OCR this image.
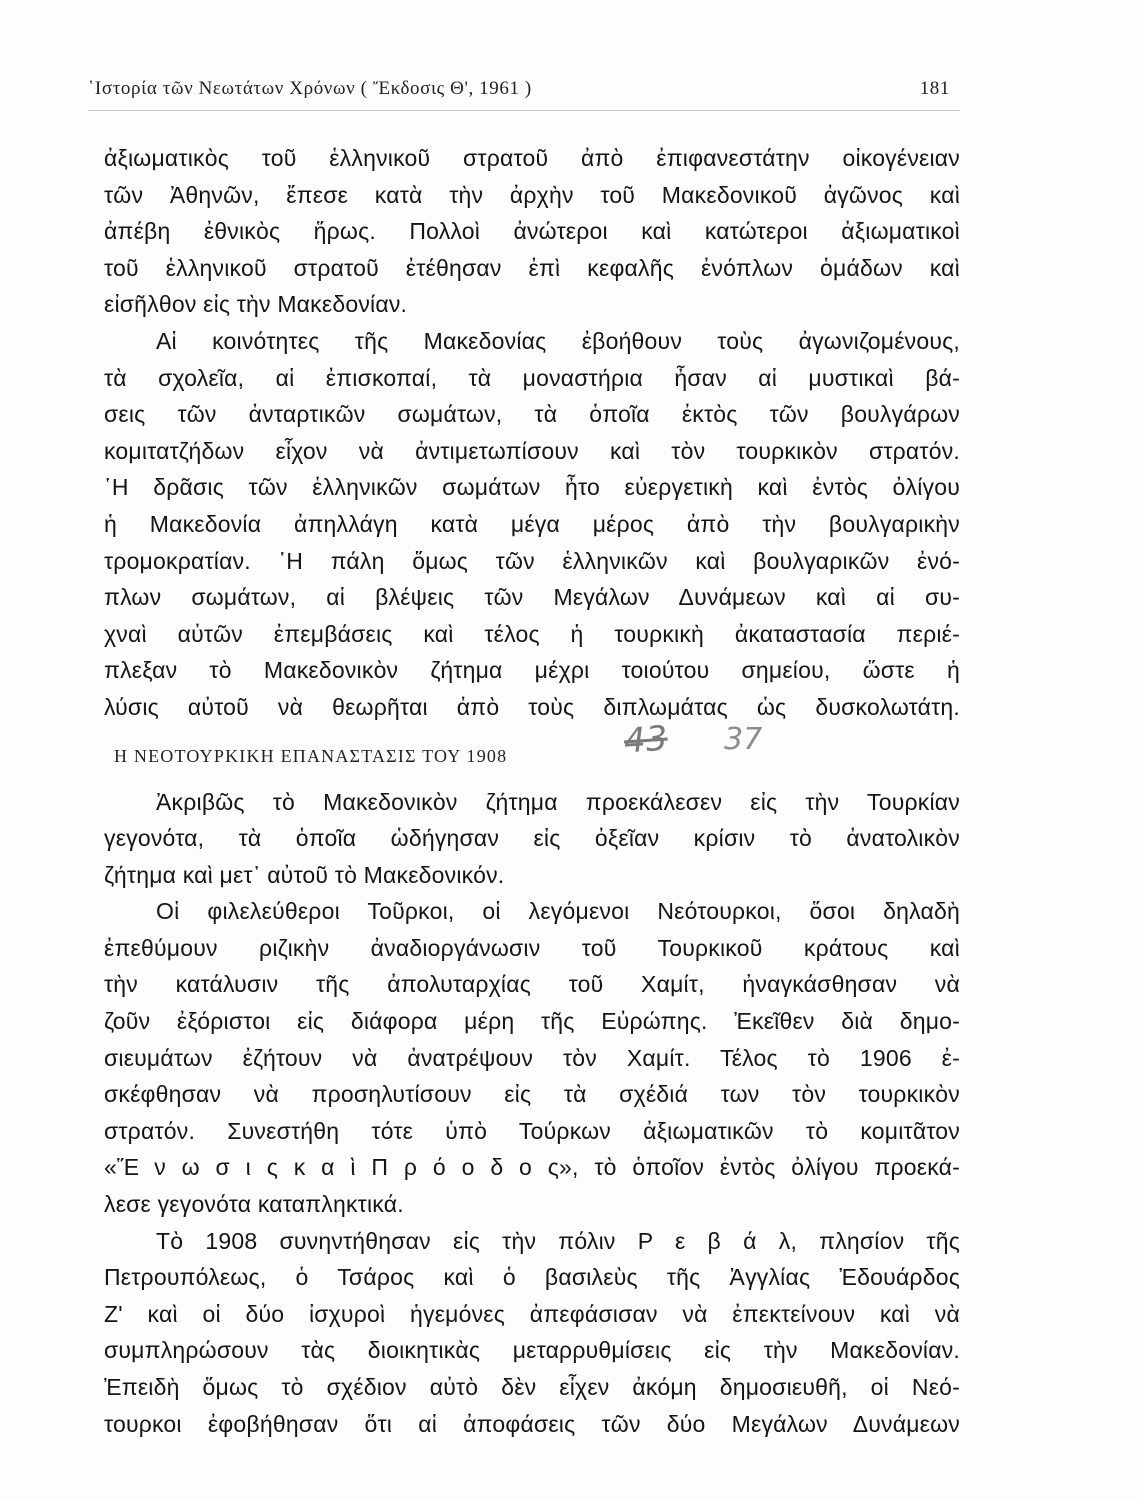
῾Ιστορία τῶν Νεωτάτων Χρόνων ( Ἔκδοσις Θ', 1961 )	181
ἀξιωματικὸς τοῦ ἑλληνικοῦ στρατοῦ ἀπὸ ἐπιφανεστάτην οἰκογένειαν
τῶν Ἀθηνῶν, ἔπεσε κατὰ τὴν ἀρχὴν τοῦ Μακεδονικοῦ ἀγῶνος καὶ
ἀπέβη ἐθνικὸς ἥρως. Πολλοὶ ἀνώτεροι καὶ κατώτεροι ἀξιωματικοὶ
τοῦ ἑλληνικοῦ στρατοῦ ἐτέθησαν ἐπὶ κεφαλῆς ἐνόπλων ὁμάδων καὶ
εἰσῆλθον εἰς τὴν Μακεδονίαν.
Αἱ κοινότητες τῆς Μακεδονίας ἐβοήθουν τοὺς ἀγωνιζομένους,
τὰ σχολεῖα, αἱ ἐπισκοπαί, τὰ μοναστήρια ἦσαν αἱ μυστικαὶ βά-
σεις τῶν ἀνταρτικῶν σωμάτων, τὰ ὁποῖα ἐκτὸς τῶν βουλγάρων
κομιτατζήδων εἶχον νὰ ἀντιμετωπίσουν καὶ τὸν τουρκικὸν στρατόν.
῾Η δρᾶσις τῶν ἑλληνικῶν σωμάτων ἦτο εὐεργετικὴ καὶ ἐντὸς ὀλίγου
ἡ Μακεδονία ἀπηλλάγη κατὰ μέγα μέρος ἀπὸ τὴν βουλγαρικὴν
τρομοκρατίαν. ῾Η πάλη ὅμως τῶν ἑλληνικῶν καὶ βουλγαρικῶν ἐνό-
πλων σωμάτων, αἱ βλέψεις τῶν Μεγάλων Δυνάμεων καὶ αἱ συ-
χναὶ αὐτῶν ἐπεμβάσεις καὶ τέλος ἡ τουρκικὴ ἀκαταστασία περιέ-
πλεξαν τὸ Μακεδονικὸν ζήτημα μέχρι τοιούτου σημείου, ὥστε ἡ
λύσις αὐτοῦ νὰ θεωρῆται ἀπὸ τοὺς διπλωμάτας ὡς δυσκολωτάτη.
Η ΝΕΟΤΟΥΡΚΙΚΗ ΕΠΑΝΑΣΤΑΣΙΣ ΤΟΥ 1908	43 37
Ἀκριβῶς τὸ Μακεδονικὸν ζήτημα προεκάλεσεν εἰς τὴν Τουρκίαν
γεγονότα, τὰ ὁποῖα ὡδήγησαν εἰς ὀξεῖαν κρίσιν τὸ ἀνατολικὸν
ζήτημα καὶ μετ᾽ αὐτοῦ τὸ Μακεδονικόν.
Οἱ φιλελεύθεροι Τοῦρκοι, οἱ λεγόμενοι Νεότουρκοι, ὅσοι δηλαδὴ
ἐπεθύμουν ριζικὴν ἀναδιοργάνωσιν τοῦ Τουρκικοῦ κράτους καὶ
τὴν κατάλυσιν τῆς ἀπολυταρχίας τοῦ Χαμίτ, ἠναγκάσθησαν νὰ
ζοῦν ἐξόριστοι εἰς διάφορα μέρη τῆς Εὐρώπης. Ἐκεῖθεν διὰ δημο-
σιευμάτων ἐζήτουν νὰ ἀνατρέψουν τὸν Χαμίτ. Τέλος τὸ 1906 ἐ-
σκέφθησαν νὰ προσηλυτίσουν εἰς τὰ σχέδιά των τὸν τουρκικὸν
στρατόν. Συνεστήθη τότε ὑπὸ Τούρκων ἀξιωματικῶν τὸ κομιτᾶτον
«Ἕ ν ω σ ι ς κ α ὶ Π ρ ό ο δ ο ς», τὸ ὁποῖον ἐντὸς ὀλίγου προεκά-
λεσε γεγονότα καταπληκτικά.
Τὸ 1908 συνηντήθησαν εἰς τὴν πόλιν Ρ ε β ά λ, πλησίον τῆς
Πετρουπόλεως, ὁ Τσάρος καὶ ὁ βασιλεὺς τῆς Ἀγγλίας Ἐδουάρδος
Ζ' καὶ οἱ δύο ἰσχυροὶ ἡγεμόνες ἀπεφάσισαν νὰ ἐπεκτείνουν καὶ νὰ
συμπληρώσουν τὰς διοικητικὰς μεταρρυθμίσεις εἰς τὴν Μακεδονίαν.
Ἐπειδὴ ὅμως τὸ σχέδιον αὐτὸ δὲν εἶχεν ἀκόμη δημοσιευθῆ, οἱ Νεό-
τουρκοι ἐφοβήθησαν ὅτι αἱ ἀποφάσεις τῶν δύο Μεγάλων Δυνάμεων
